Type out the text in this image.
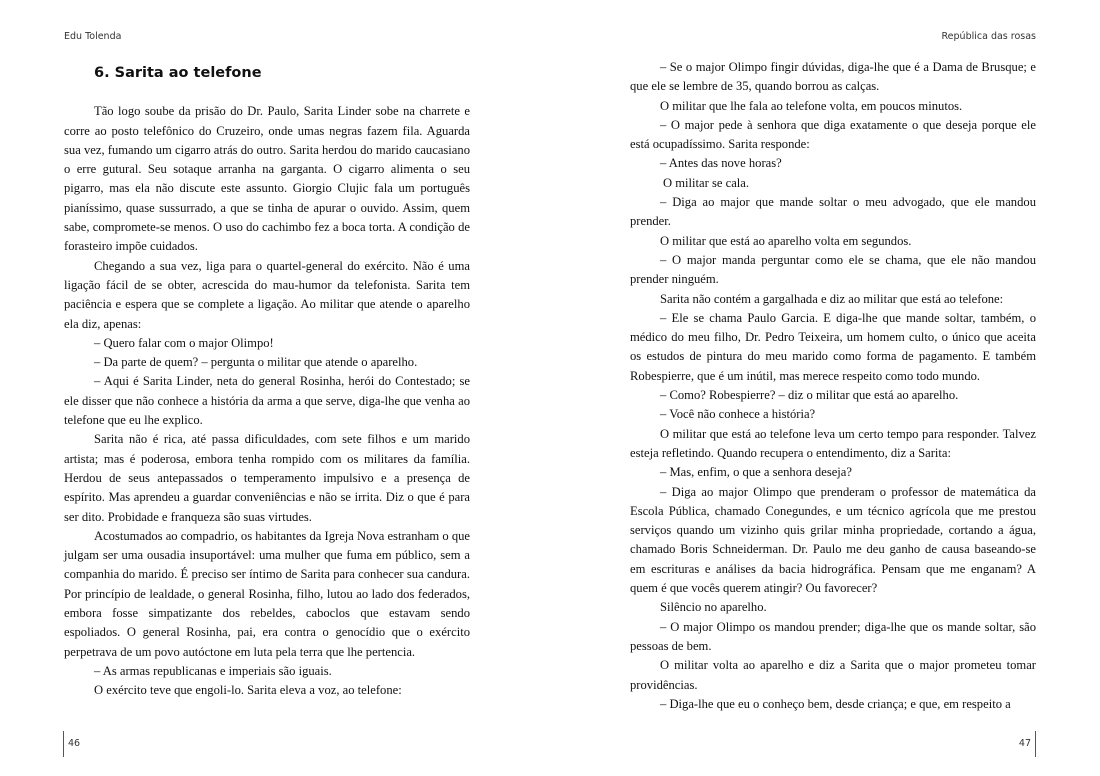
Edu Tolenda	República das rosas
6. Sarita ao telefone

Tão logo soube da prisão do Dr. Paulo, Sarita Linder sobe na charrete e corre ao posto telefônico do Cruzeiro, onde umas negras fazem fila. Aguarda sua vez, fumando um cigarro atrás do outro. Sarita herdou do marido caucasiano o erre gutural. Seu sotaque arranha na garganta. O cigarro alimenta o seu pigarro, mas ela não discute este assunto. Giorgio Clujic fala um português pianíssimo, quase sussurrado, a que se tinha de apurar o ouvido. Assim, quem sabe, compromete-se menos. O uso do cachimbo fez a boca torta. A condição de forasteiro impõe cuidados.

Chegando a sua vez, liga para o quartel-general do exército. Não é uma ligação fácil de se obter, acrescida do mau-humor da telefonista. Sarita tem paciência e espera que se complete a ligação. Ao militar que atende o aparelho ela diz, apenas:

– Quero falar com o major Olimpo!

– Da parte de quem? – pergunta o militar que atende o aparelho.

– Aqui é Sarita Linder, neta do general Rosinha, herói do Contestado; se ele disser que não conhece a história da arma a que serve, diga-lhe que venha ao telefone que eu lhe explico.

Sarita não é rica, até passa dificuldades, com sete filhos e um marido artista; mas é poderosa, embora tenha rompido com os militares da família. Herdou de seus antepassados o temperamento impulsivo e a presença de espírito. Mas aprendeu a guardar conveniências e não se irrita. Diz o que é para ser dito. Probidade e franqueza são suas virtudes.

Acostumados ao compadrio, os habitantes da Igreja Nova estranham o que julgam ser uma ousadia insuportável: uma mulher que fuma em público, sem a companhia do marido. É preciso ser íntimo de Sarita para conhecer sua candura. Por princípio de lealdade, o general Rosinha, filho, lutou ao lado dos federados, embora fosse simpatizante dos rebeldes, caboclos que estavam sendo espoliados. O general Rosinha, pai, era contra o genocídio que o exército perpetrava de um povo autóctone em luta pela terra que lhe pertencia.

– As armas republicanas e imperiais são iguais.

O exército teve que engoli-lo. Sarita eleva a voz, ao telefone:

– Se o major Olimpo fingir dúvidas, diga-lhe que é a Dama de Brusque; e que ele se lembre de 35, quando borrou as calças.

O militar que lhe fala ao telefone volta, em poucos minutos.

– O major pede à senhora que diga exatamente o que deseja porque ele está ocupadíssimo. Sarita responde:

– Antes das nove horas?

O militar se cala.

– Diga ao major que mande soltar o meu advogado, que ele mandou prender.

O militar que está ao aparelho volta em segundos.

– O major manda perguntar como ele se chama, que ele não mandou prender ninguém.

Sarita não contém a gargalhada e diz ao militar que está ao telefone:

– Ele se chama Paulo Garcia. E diga-lhe que mande soltar, também, o médico do meu filho, Dr. Pedro Teixeira, um homem culto, o único que aceita os estudos de pintura do meu marido como forma de pagamento. E também Robespierre, que é um inútil, mas merece respeito como todo mundo.

– Como? Robespierre? – diz o militar que está ao aparelho.

– Você não conhece a história?

O militar que está ao telefone leva um certo tempo para responder. Talvez esteja refletindo. Quando recupera o entendimento, diz a Sarita:

– Mas, enfim, o que a senhora deseja?

– Diga ao major Olimpo que prenderam o professor de matemática da Escola Pública, chamado Conegundes, e um técnico agrícola que me prestou serviços quando um vizinho quis grilar minha propriedade, cortando a água, chamado Boris Schneiderman. Dr. Paulo me deu ganho de causa baseando-se em escrituras e análises da bacia hidrográfica. Pensam que me enganam? A quem é que vocês querem atingir? Ou favorecer?

Silêncio no aparelho.

– O major Olimpo os mandou prender; diga-lhe que os mande soltar, são pessoas de bem.

O militar volta ao aparelho e diz a Sarita que o major prometeu tomar providências.

– Diga-lhe que eu o conheço bem, desde criança; e que, em respeito a

46	47
